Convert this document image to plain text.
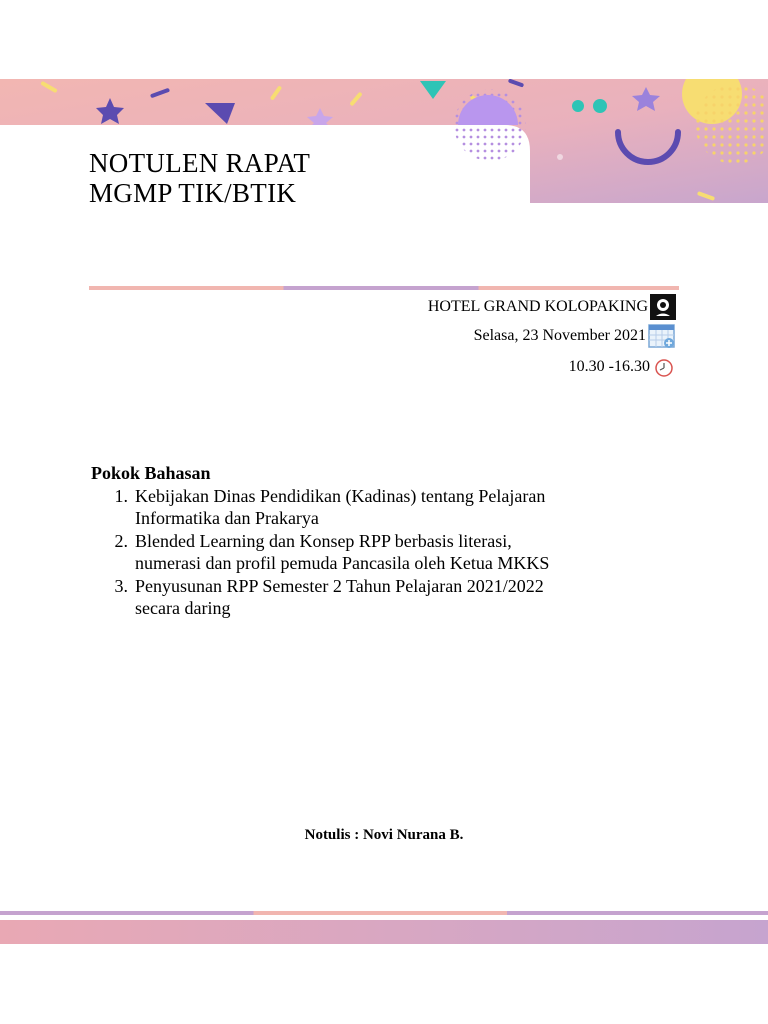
NOTULEN RAPAT
MGMP TIK/BTIK
HOTEL GRAND KOLOPAKING
Selasa, 23 November 2021
10.30 -16.30
Pokok Bahasan
1. Kebijakan Dinas Pendidikan (Kadinas) tentang Pelajaran
Informatika dan Prakarya
2. Blended Learning dan Konsep RPP berbasis literasi,
numerasi dan profil pemuda Pancasila oleh Ketua MKKS
3. Penyusunan RPP Semester 2 Tahun Pelajaran 2021/2022
secara daring
Notulis : Novi Nurana B.
